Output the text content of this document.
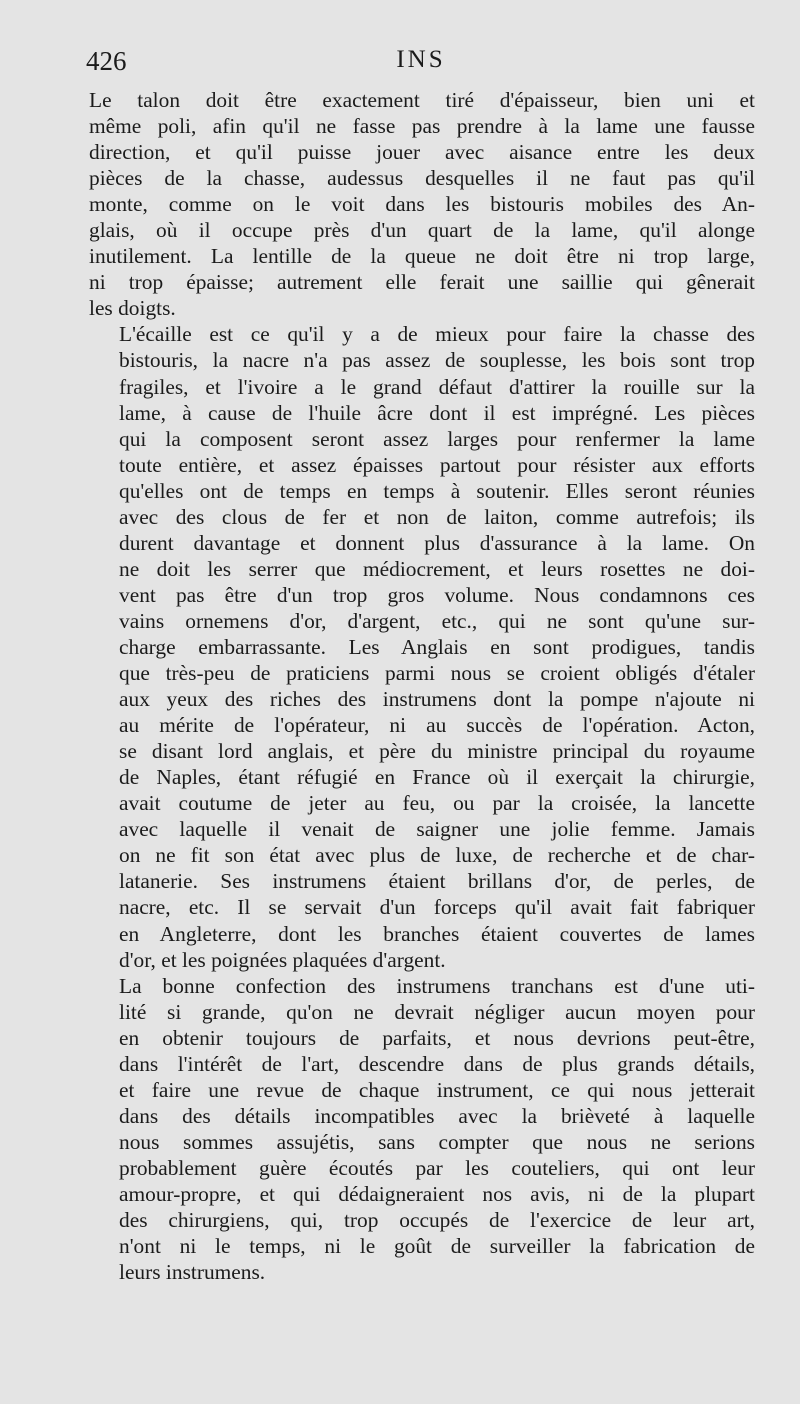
426	INS

Le talon doit être exactement tiré d'épaisseur, bien uni et
même poli, afin qu'il ne fasse pas prendre à la lame une fausse
direction, et qu'il puisse jouer avec aisance entre les deux
pièces de la chasse, audessus desquelles il ne faut pas qu'il
monte, comme on le voit dans les bistouris mobiles des An-
glais, où il occupe près d'un quart de la lame, qu'il alonge
inutilement. La lentille de la queue ne doit être ni trop large,
ni trop épaisse; autrement elle ferait une saillie qui gênerait
les doigts.

L'écaille est ce qu'il y a de mieux pour faire la chasse des
bistouris, la nacre n'a pas assez de souplesse, les bois sont trop
fragiles, et l'ivoire a le grand défaut d'attirer la rouille sur la
lame, à cause de l'huile âcre dont il est imprégné. Les pièces
qui la composent seront assez larges pour renfermer la lame
toute entière, et assez épaisses partout pour résister aux efforts
qu'elles ont de temps en temps à soutenir. Elles seront réunies
avec des clous de fer et non de laiton, comme autrefois; ils
durent davantage et donnent plus d'assurance à la lame. On
ne doit les serrer que médiocrement, et leurs rosettes ne doi-
vent pas être d'un trop gros volume. Nous condamnons ces
vains ornemens d'or, d'argent, etc., qui ne sont qu'une sur-
charge embarrassante. Les Anglais en sont prodigues, tandis
que très-peu de praticiens parmi nous se croient obligés d'étaler
aux yeux des riches des instrumens dont la pompe n'ajoute ni
au mérite de l'opérateur, ni au succès de l'opération. Acton,
se disant lord anglais, et père du ministre principal du royaume
de Naples, étant réfugié en France où il exerçait la chirurgie,
avait coutume de jeter au feu, ou par la croisée, la lancette
avec laquelle il venait de saigner une jolie femme. Jamais
on ne fit son état avec plus de luxe, de recherche et de char-
latanerie. Ses instrumens étaient brillans d'or, de perles, de
nacre, etc. Il se servait d'un forceps qu'il avait fait fabriquer
en Angleterre, dont les branches étaient couvertes de lames
d'or, et les poignées plaquées d'argent.

La bonne confection des instrumens tranchans est d'une uti-
lité si grande, qu'on ne devrait négliger aucun moyen pour
en obtenir toujours de parfaits, et nous devrions peut-être,
dans l'intérêt de l'art, descendre dans de plus grands détails,
et faire une revue de chaque instrument, ce qui nous jetterait
dans des détails incompatibles avec la brièveté à laquelle
nous sommes assujétis, sans compter que nous ne serions
probablement guère écoutés par les couteliers, qui ont leur
amour-propre, et qui dédaigneraient nos avis, ni de la plupart
des chirurgiens, qui, trop occupés de l'exercice de leur art,
n'ont ni le temps, ni le goût de surveiller la fabrication de
leurs instrumens.
